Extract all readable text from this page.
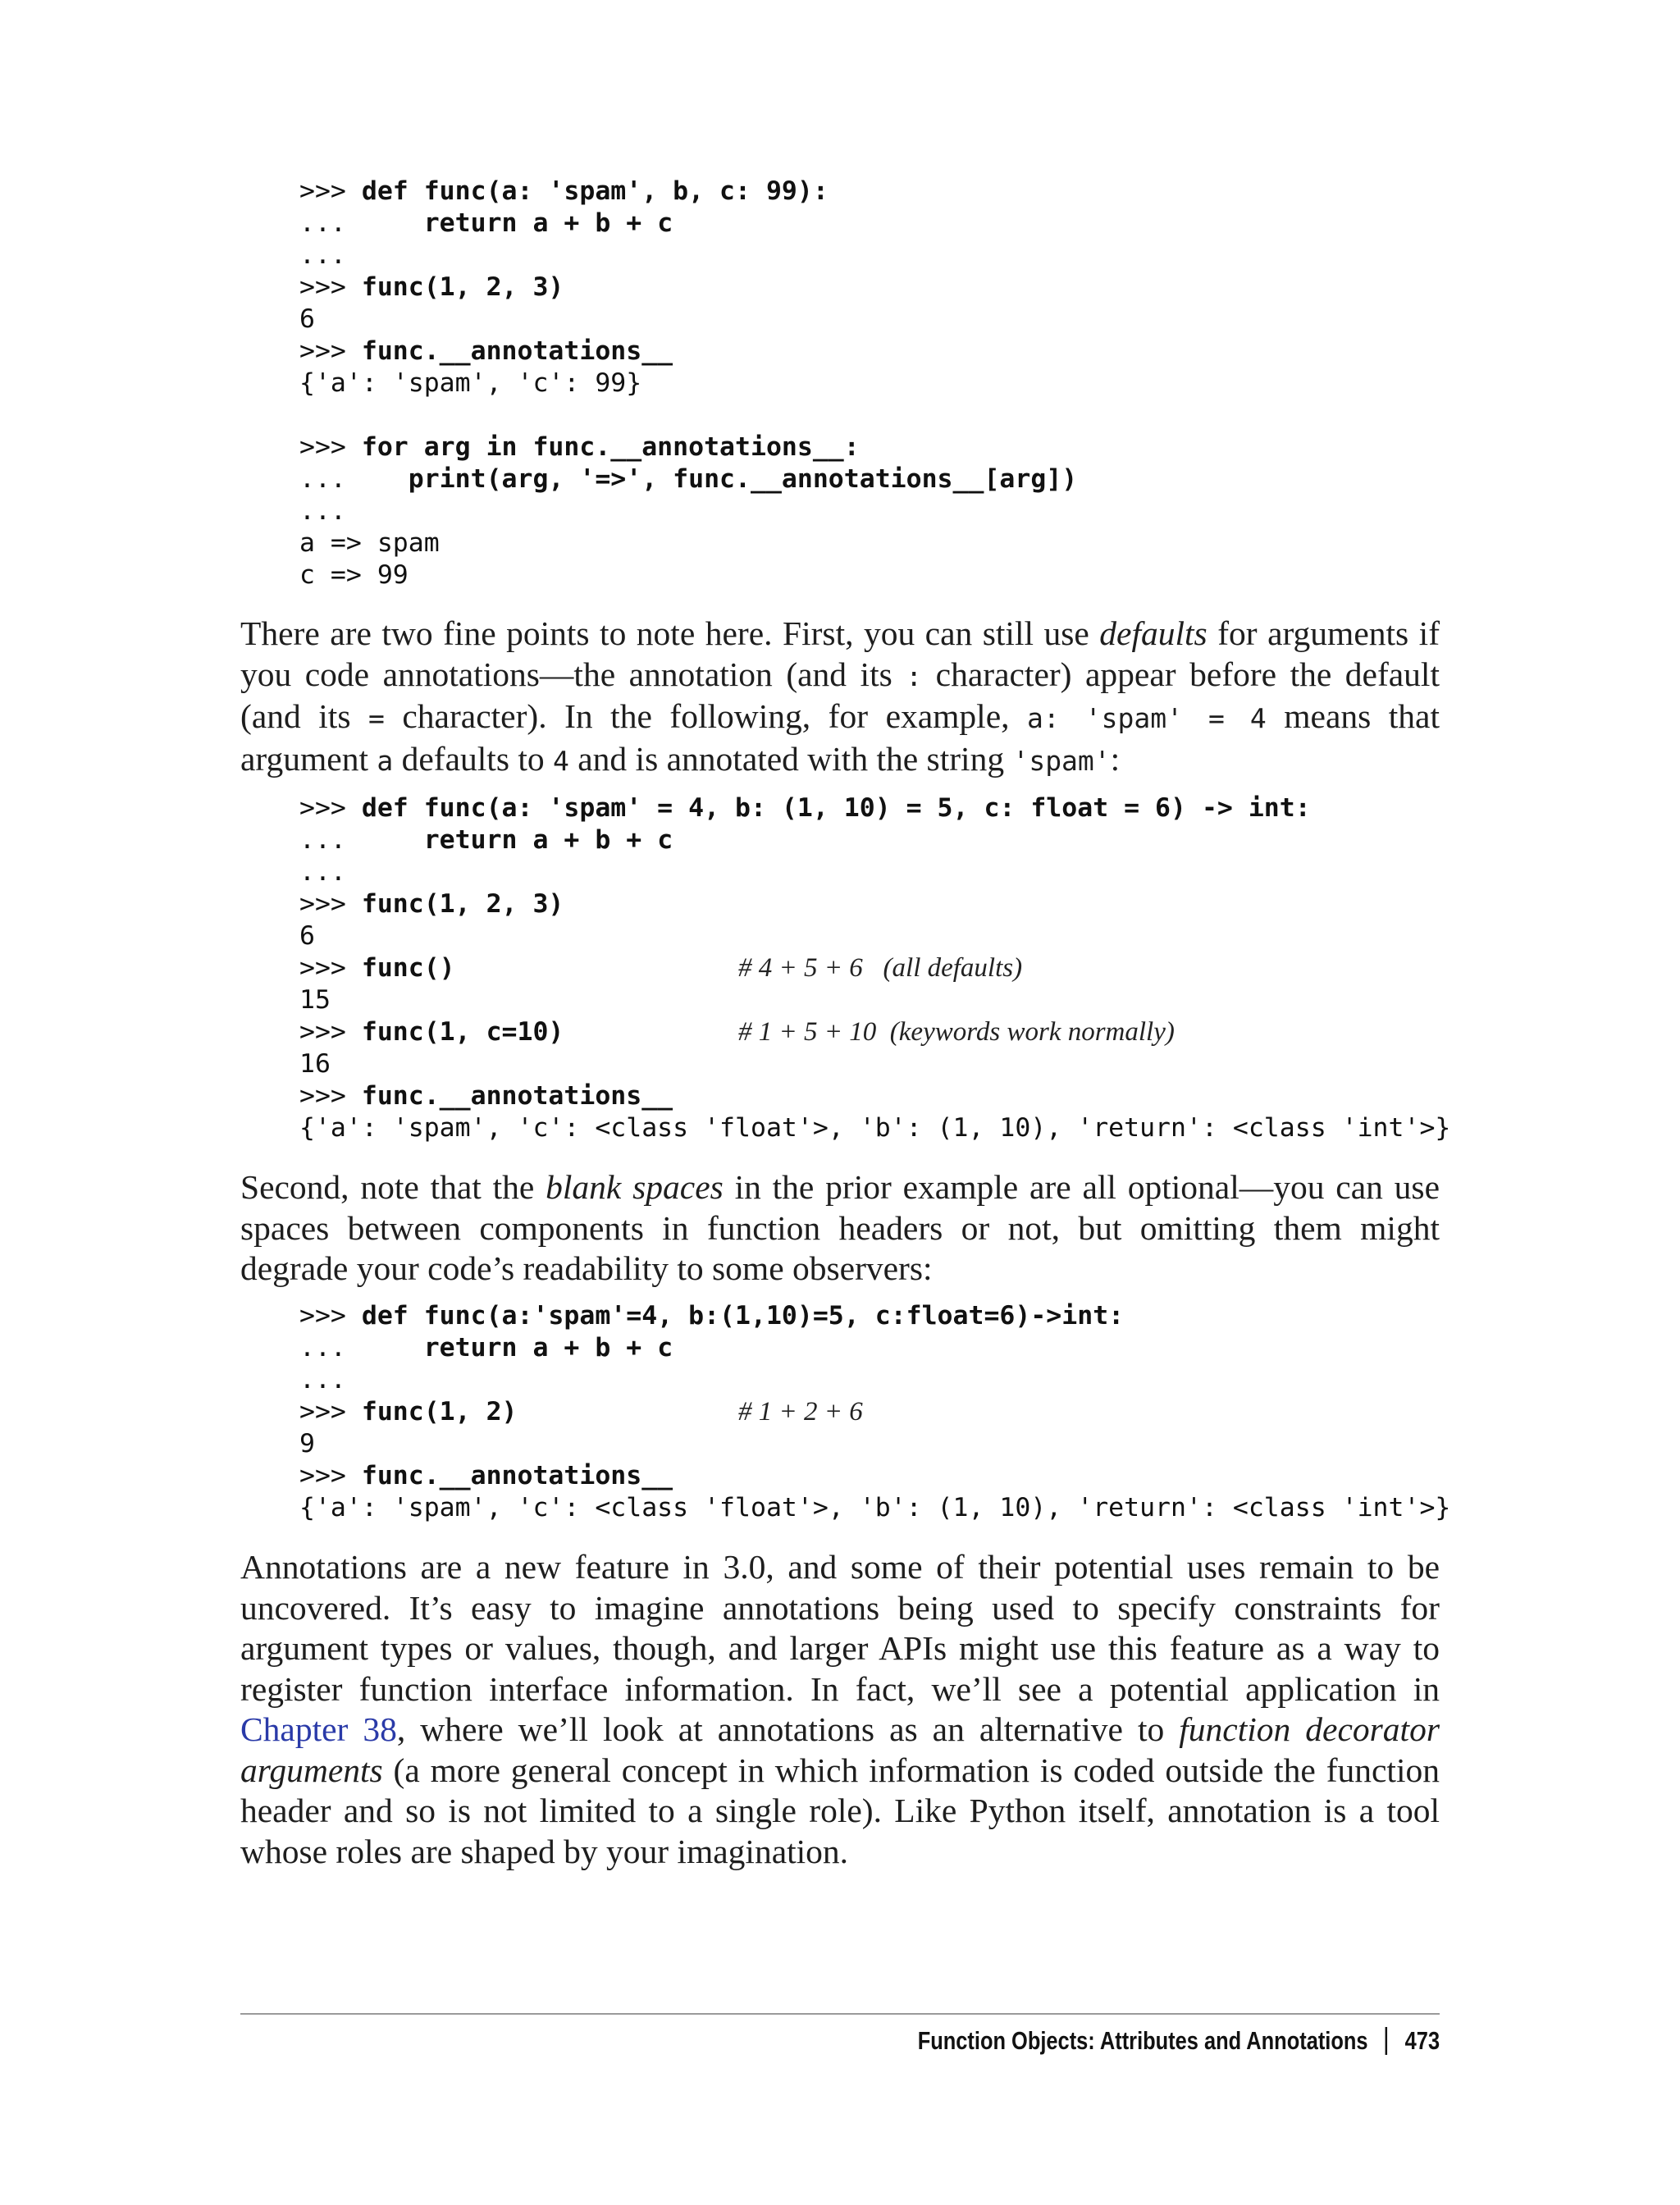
>>> def func(a: 'spam', b, c: 99):
...     return a + b + c
...
>>> func(1, 2, 3)
6
>>> func.__annotations__
{'a': 'spam', 'c': 99}
>>> for arg in func.__annotations__:
...    print(arg, '=>', func.__annotations__[arg])
...
a => spam
c => 99

There are two fine points to note here. First, you can still use defaults for arguments if you code annotations—the annotation (and its : character) appear before the default (and its = character). In the following, for example, a: 'spam' = 4 means that argument a defaults to 4 and is annotated with the string 'spam':

>>> def func(a: 'spam' = 4, b: (1, 10) = 5, c: float = 6) -> int:
...     return a + b + c
...
>>> func(1, 2, 3)
6
>>> func()	# 4 + 5 + 6   (all defaults)
15
>>> func(1, c=10)	# 1 + 5 + 10  (keywords work normally)
16
>>> func.__annotations__
{'a': 'spam', 'c': <class 'float'>, 'b': (1, 10), 'return': <class 'int'>}

Second, note that the blank spaces in the prior example are all optional—you can use spaces between components in function headers or not, but omitting them might degrade your code’s readability to some observers:

>>> def func(a:'spam'=4, b:(1,10)=5, c:float=6)->int:
...     return a + b + c
...
>>> func(1, 2)	# 1 + 2 + 6
9
>>> func.__annotations__
{'a': 'spam', 'c': <class 'float'>, 'b': (1, 10), 'return': <class 'int'>}

Annotations are a new feature in 3.0, and some of their potential uses remain to be uncovered. It’s easy to imagine annotations being used to specify constraints for argument types or values, though, and larger APIs might use this feature as a way to register function interface information. In fact, we’ll see a potential application in Chapter 38, where we’ll look at annotations as an alternative to function decorator arguments (a more general concept in which information is coded outside the function header and so is not limited to a single role). Like Python itself, annotation is a tool whose roles are shaped by your imagination.

Function Objects: Attributes and Annotations 473
